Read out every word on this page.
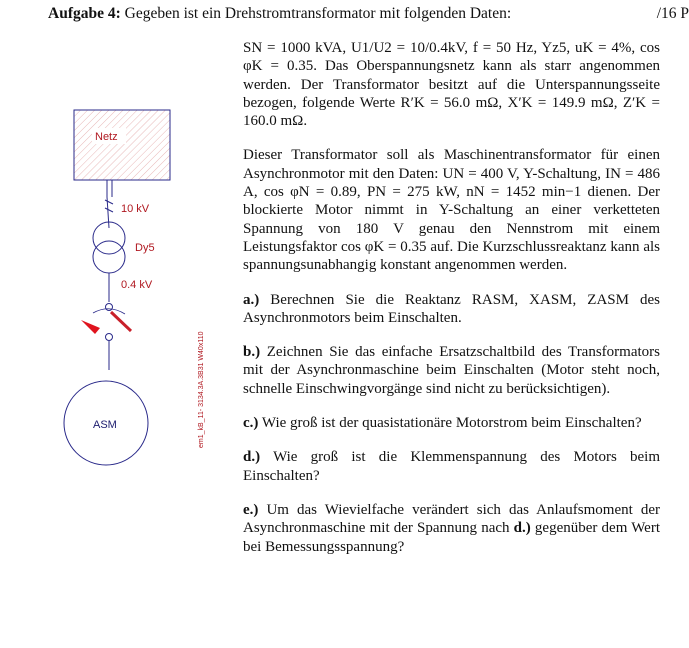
Aufgabe 4: Gegeben ist ein Drehstromtransformator mit folgenden Daten:	/16 P
Netz
10 kV
Dy5
0.4 kV
ASM	em1_kB_11- 3134.3A.3B31 W40x110

SN = 1000 kVA, U1/U2 = 10/0.4kV, f = 50 Hz, Yz5, uK = 4%, cos φK = 0.35. Das Oberspannungsnetz kann als starr angenommen werden. Der Transformator besitzt auf die Unterspannungsseite bezogen, folgende Werte R′K = 56.0 mΩ, X′K = 149.9 mΩ, Z′K = 160.0 mΩ.

Dieser Transformator soll als Maschinentransformator für einen Asynchronmotor mit den Daten: UN = 400 V, Y-Schaltung, IN = 486 A, cos φN = 0.89, PN = 275 kW, nN = 1452 min−1 dienen. Der blockierte Motor nimmt in Y-Schaltung an einer verketteten Spannung von 180 V genau den Nennstrom mit einem Leistungsfaktor cos φK = 0.35 auf. Die Kurzschlussreaktanz kann als spannungsunabhangig konstant angenommen werden.

a.) Berechnen Sie die Reaktanz RASM, XASM, ZASM des Asynchronmotors beim Einschalten.

b.) Zeichnen Sie das einfache Ersatzschaltbild des Transformators mit der Asynchronmaschine beim Einschalten (Motor steht noch, schnelle Einschwingvorgänge sind nicht zu berücksichtigen).

c.) Wie groß ist der quasistationäre Motorstrom beim Einschalten?

d.) Wie groß ist die Klemmenspannung des Motors beim Einschalten?

e.) Um das Wievielfache verändert sich das Anlaufsmoment der Asynchronmaschine mit der Spannung nach d.) gegenüber dem Wert bei Bemessungsspannung?
